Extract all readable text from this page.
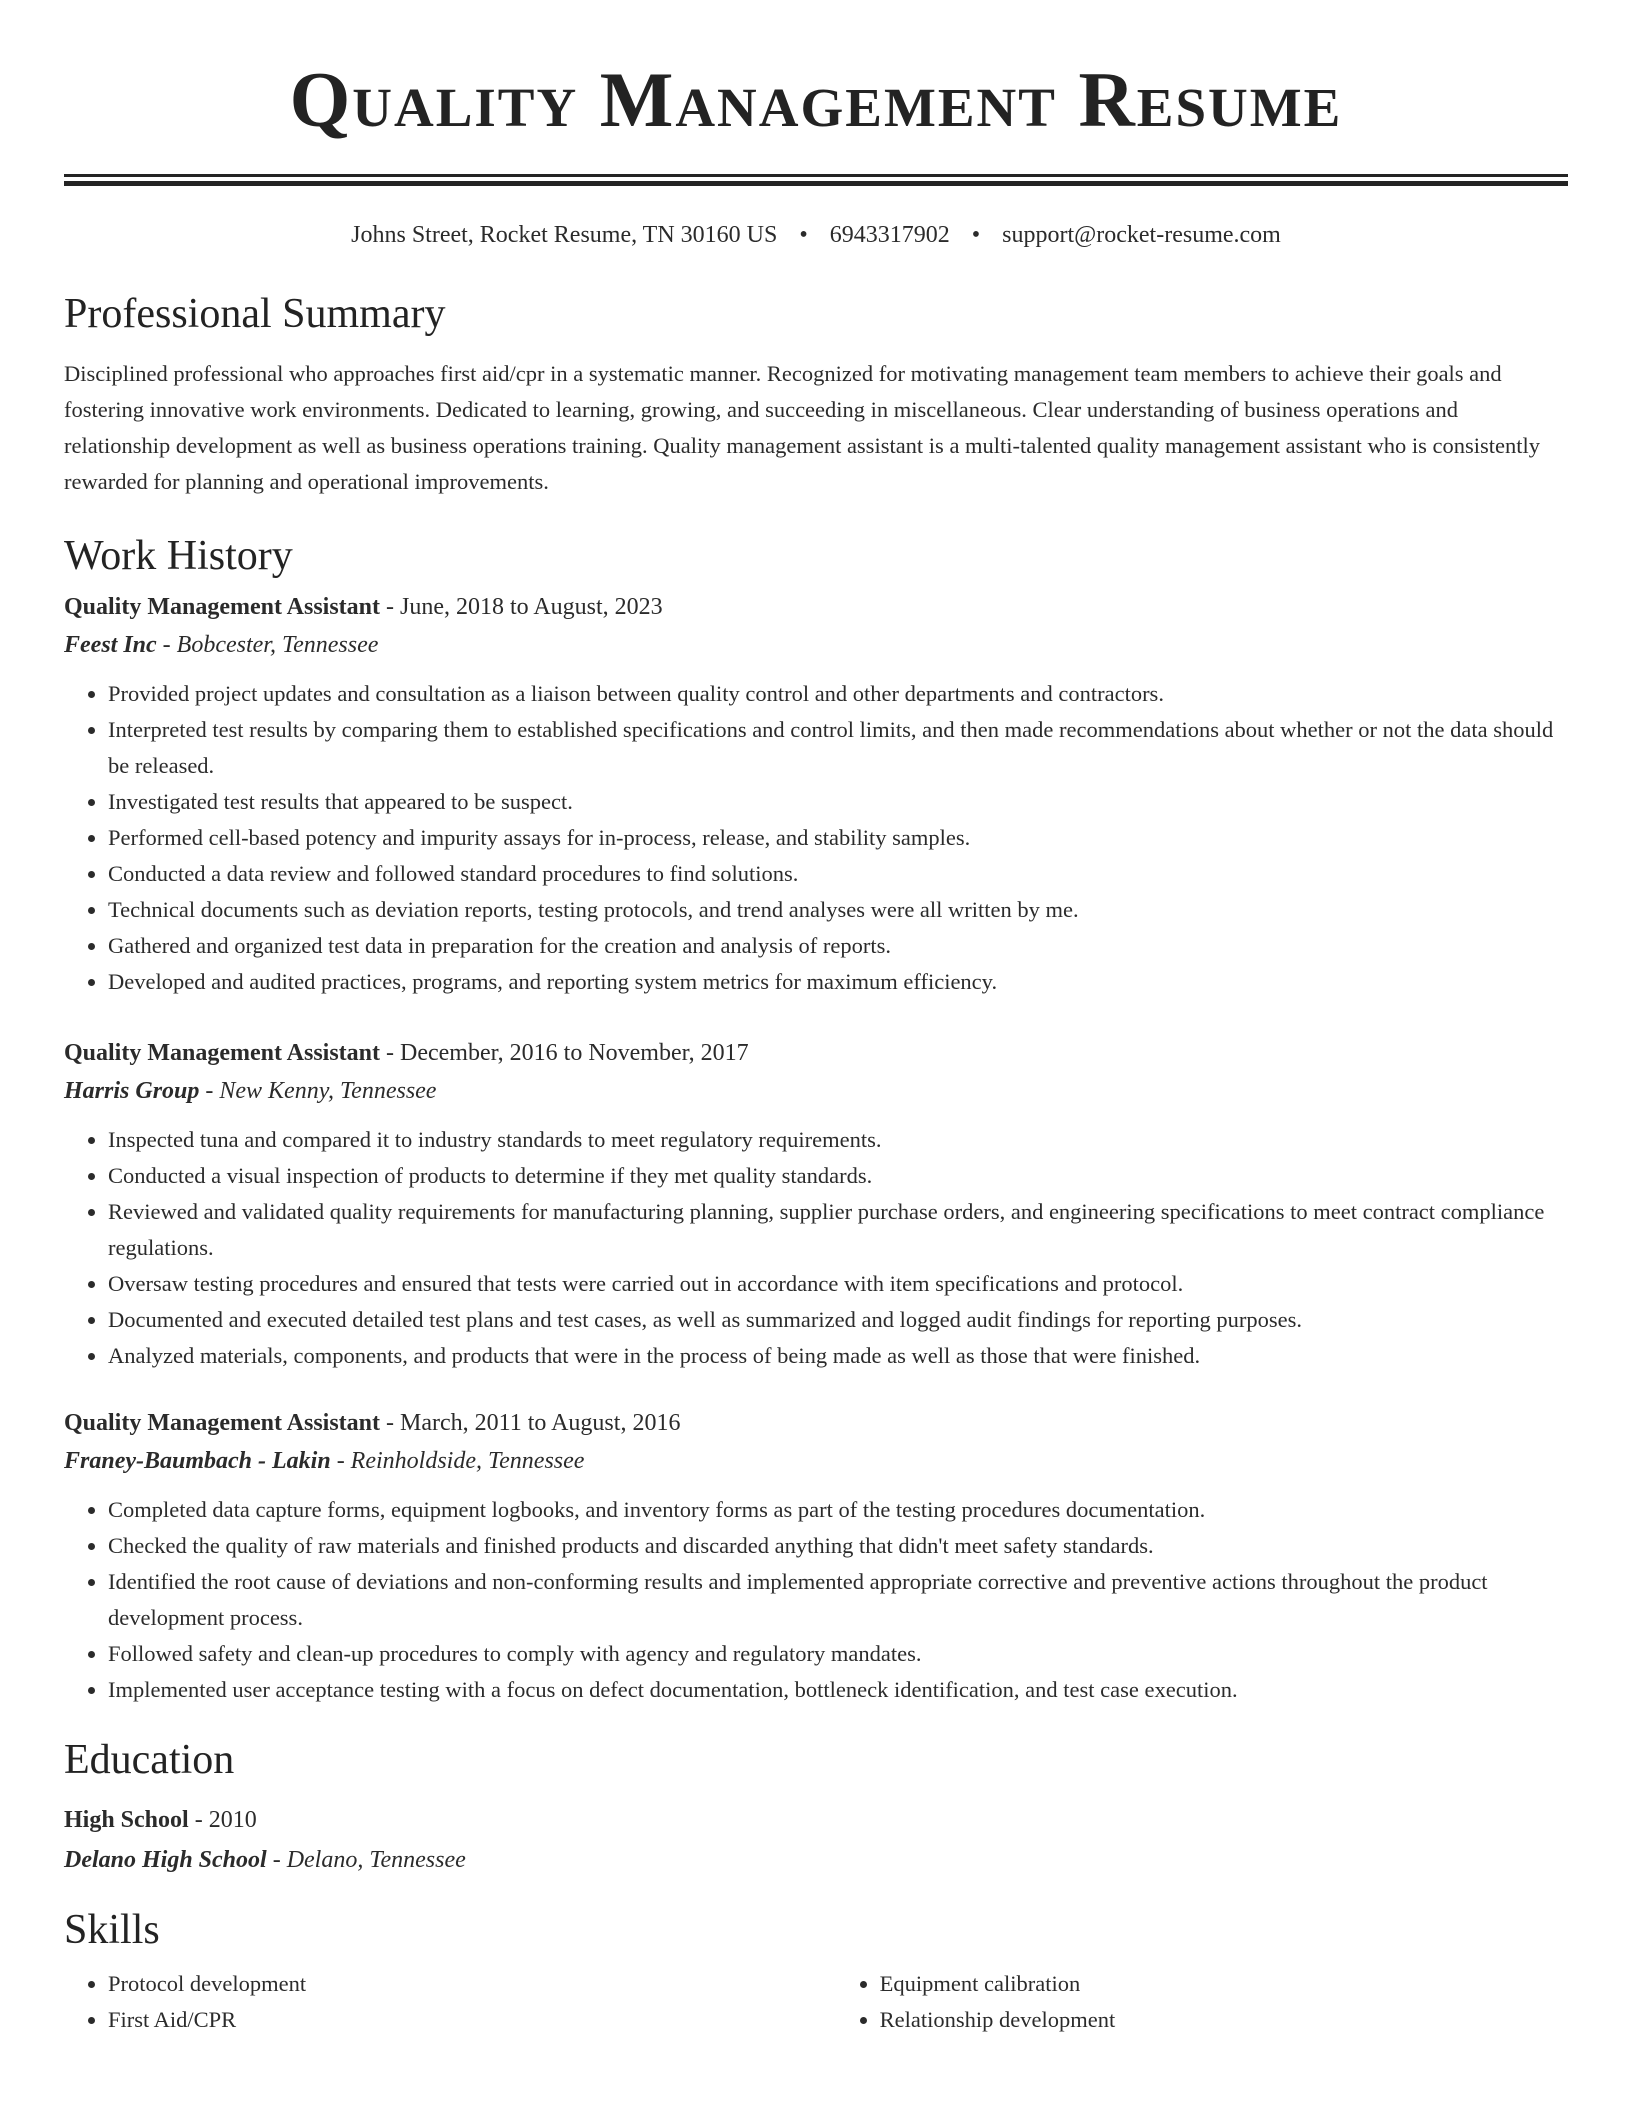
Quality Management Resume
Johns Street, Rocket Resume, TN 30160 US • 6943317902 • support@rocket-resume.com
Professional Summary
Disciplined professional who approaches first aid/cpr in a systematic manner. Recognized for motivating management team members to achieve their goals and fostering innovative work environments. Dedicated to learning, growing, and succeeding in miscellaneous. Clear understanding of business operations and relationship development as well as business operations training. Quality management assistant is a multi-talented quality management assistant who is consistently rewarded for planning and operational improvements.
Work History
Quality Management Assistant - June, 2018 to August, 2023
Feest Inc - Bobcester, Tennessee
• Provided project updates and consultation as a liaison between quality control and other departments and contractors.
• Interpreted test results by comparing them to established specifications and control limits, and then made recommendations about whether or not the data should be released.
• Investigated test results that appeared to be suspect.
• Performed cell-based potency and impurity assays for in-process, release, and stability samples.
• Conducted a data review and followed standard procedures to find solutions.
• Technical documents such as deviation reports, testing protocols, and trend analyses were all written by me.
• Gathered and organized test data in preparation for the creation and analysis of reports.
• Developed and audited practices, programs, and reporting system metrics for maximum efficiency.
Quality Management Assistant - December, 2016 to November, 2017
Harris Group - New Kenny, Tennessee
• Inspected tuna and compared it to industry standards to meet regulatory requirements.
• Conducted a visual inspection of products to determine if they met quality standards.
• Reviewed and validated quality requirements for manufacturing planning, supplier purchase orders, and engineering specifications to meet contract compliance regulations.
• Oversaw testing procedures and ensured that tests were carried out in accordance with item specifications and protocol.
• Documented and executed detailed test plans and test cases, as well as summarized and logged audit findings for reporting purposes.
• Analyzed materials, components, and products that were in the process of being made as well as those that were finished.
Quality Management Assistant - March, 2011 to August, 2016
Franey-Baumbach - Lakin - Reinholdside, Tennessee
• Completed data capture forms, equipment logbooks, and inventory forms as part of the testing procedures documentation.
• Checked the quality of raw materials and finished products and discarded anything that didn't meet safety standards.
• Identified the root cause of deviations and non-conforming results and implemented appropriate corrective and preventive actions throughout the product development process.
• Followed safety and clean-up procedures to comply with agency and regulatory mandates.
• Implemented user acceptance testing with a focus on defect documentation, bottleneck identification, and test case execution.
Education
High School - 2010
Delano High School - Delano, Tennessee
Skills
• Protocol development
• First Aid/CPR
• Equipment calibration
• Relationship development
